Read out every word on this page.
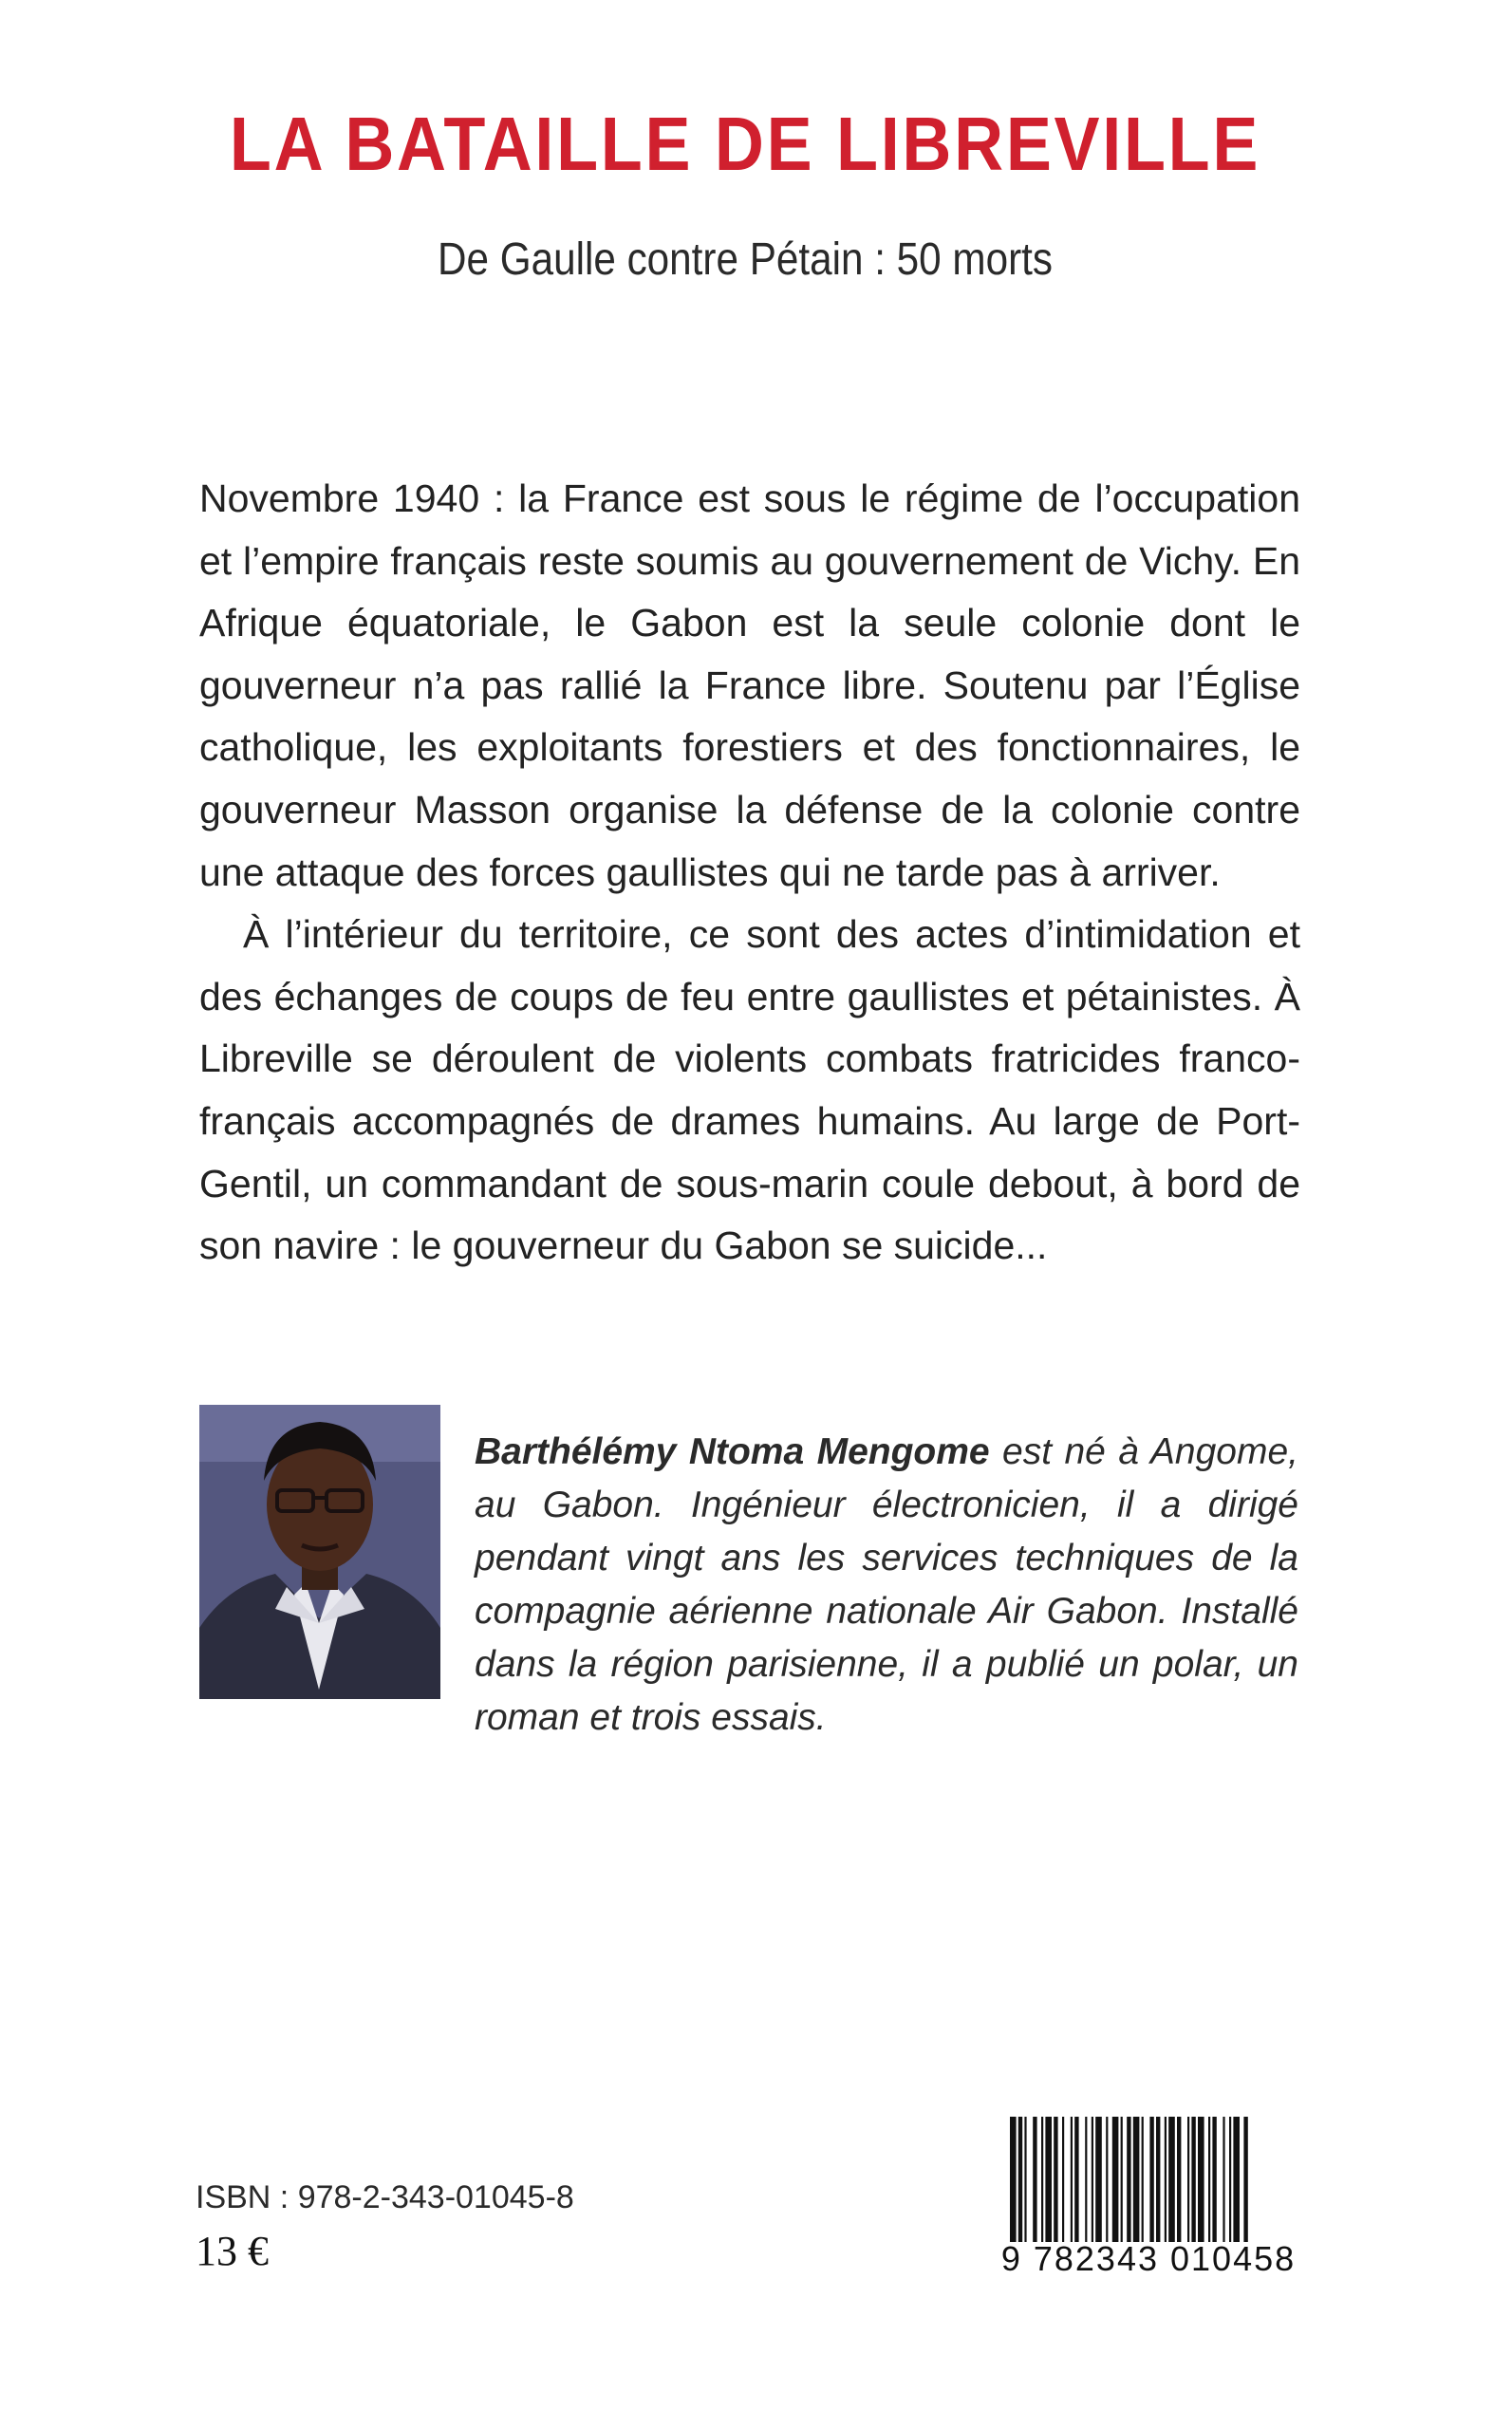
LA BATAILLE DE LIBREVILLE
De Gaulle contre Pétain : 50 morts

Novembre 1940 : la France est sous le régime de l’occupation et l’empire français reste soumis au gouvernement de Vichy. En Afrique équatoriale, le Gabon est la seule colonie dont le gouverneur n’a pas rallié la France libre. Soutenu par l’Église catholique, les exploitants forestiers et des fonctionnaires, le gouverneur Masson organise la défense de la colonie contre une attaque des forces gaullistes qui ne tarde pas à arriver.

À l’intérieur du territoire, ce sont des actes d’intimidation et des échanges de coups de feu entre gaullistes et pétainistes. À Libreville se déroulent de violents combats fratricides franco-français accompagnés de drames humains. Au large de Port-Gentil, un commandant de sous-marin coule debout, à bord de son navire : le gouverneur du Gabon se suicide...

Barthélémy Ntoma Mengome est né à Angome, au Gabon. Ingénieur électronicien, il a dirigé pendant vingt ans les services techniques de la compagnie aérienne nationale Air Gabon. Installé dans la région parisienne, il a publié un polar, un roman et trois essais.
ISBN : 978-2-343-01045-8
13 €	9 782343 010458
